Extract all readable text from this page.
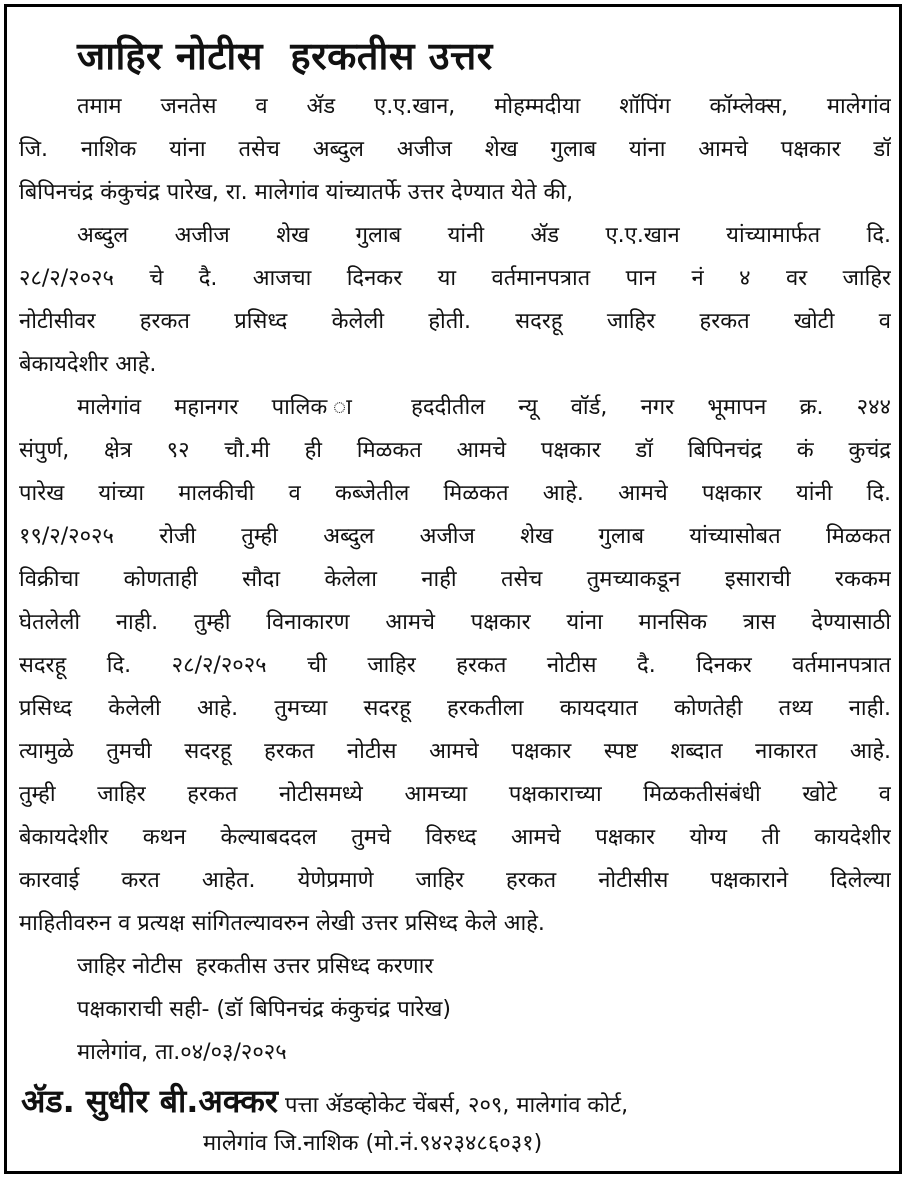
जाहिर नोटीस  हरकतीस उत्तर
तमाम जनतेस व ॲड ए.ए.खान, मोहम्मदीया शॉपिंग कॉम्लेक्स, मालेगांव
जि. नाशिक यांना तसेच अब्दुल अजीज शेख गुलाब यांना आमचे पक्षकार डॉ
बिपिनचंद्र कंकुचंद्र पारेख, रा. मालेगांव यांच्यातर्फे उत्तर देण्यात येते की,
अब्दुल अजीज शेख गुलाब यांनी ॲड ए.ए.खान यांच्यामार्फत दि.
२८/२/२०२५ चे दै. आजचा दिनकर या वर्तमानपत्रात पान नं ४ वर जाहिर
नोटीसीवर हरकत प्रसिध्द केलेली होती. सदरहू जाहिर हरकत खोटी व
बेकायदेशीर आहे.
मालेगांव महानगर पालिक ा हददीतील न्यू वॉर्ड, नगर भूमापन क्र. २४४
संपुर्ण, क्षेत्र ९२ चौ.मी ही मिळकत आमचे पक्षकार डॉ बिपिनचंद्र कं कुचंद्र
पारेख यांच्या मालकीची व कब्जेतील मिळकत आहे. आमचे पक्षकार यांनी दि.
१९/२/२०२५ रोजी तुम्ही अब्दुल अजीज शेख गुलाब यांच्यासोबत मिळकत
विक्रीचा कोणताही सौदा केलेला नाही तसेच तुमच्याकडून इसाराची रककम
घेतलेली नाही. तुम्ही विनाकारण आमचे पक्षकार यांना मानसिक त्रास देण्यासाठी
सदरहू दि. २८/२/२०२५ ची जाहिर हरकत नोटीस दै. दिनकर वर्तमानपत्रात
प्रसिध्द केलेली आहे. तुमच्या सदरहू हरकतीला कायदयात कोणतेही तथ्य नाही.
त्यामुळे तुमची सदरहू हरकत नोटीस आमचे पक्षकार स्पष्ट शब्दात नाकारत आहे.
तुम्ही जाहिर हरकत नोटीसमध्ये आमच्या पक्षकाराच्या मिळकतीसंबंधी खोटे व
बेकायदेशीर कथन केल्याबददल तुमचे विरुध्द आमचे पक्षकार योग्य ती कायदेशीर
कारवाई करत आहेत. येणेप्रमाणे जाहिर हरकत नोटीसीस पक्षकाराने दिलेल्या
माहितीवरुन व प्रत्यक्ष सांगितल्यावरुन लेखी उत्तर प्रसिध्द केले आहे.
जाहिर नोटीस  हरकतीस उत्तर प्रसिध्द करणार
पक्षकाराची सही- (डॉ बिपिनचंद्र कंकुचंद्र पारेख)
मालेगांव, ता.०४/०३/२०२५
ॲड. सुधीर बी.अक्कर पत्ता ॲडव्होकेट चेंबर्स, २०९, मालेगांव कोर्ट,
मालेगांव जि.नाशिक (मो.नं.९४२३४८६०३१)
